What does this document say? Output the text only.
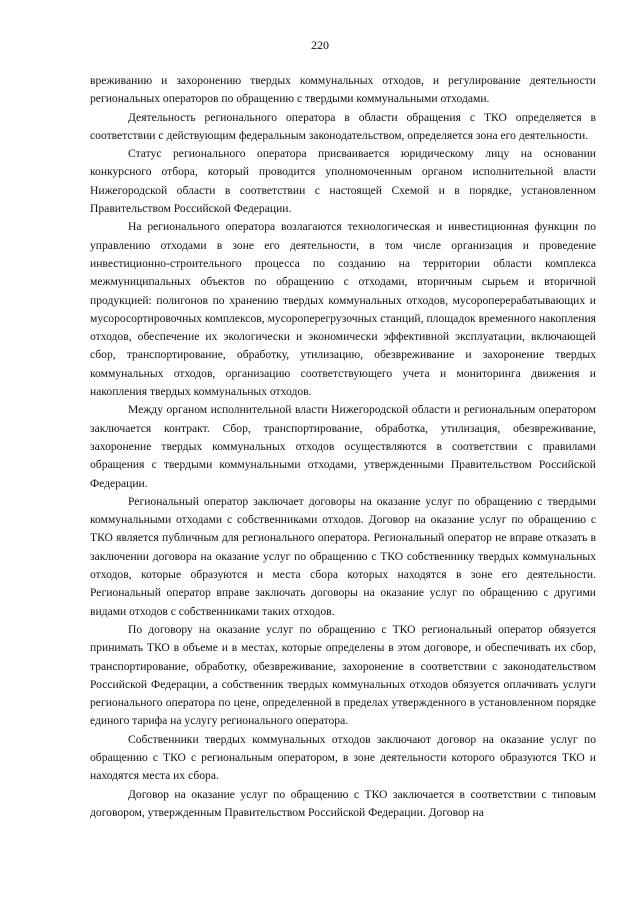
220

вреживанию и захоронению твердых коммунальных отходов, и регулирование деятельности региональных операторов по обращению с твердыми коммунальными отходами.

Деятельность регионального оператора в области обращения с ТКО определяется в соответствии с действующим федеральным законодательством, определяется зона его деятельности.

Статус регионального оператора присваивается юридическому лицу на основании конкурсного отбора, который проводится уполномоченным органом исполнительной власти Нижегородской области в соответствии с настоящей Схемой и в порядке, установленном Правительством Российской Федерации.

На регионального оператора возлагаются технологическая и инвестиционная функции по управлению отходами в зоне его деятельности, в том числе организация и проведение инвестиционно-строительного процесса по созданию на территории области комплекса межмуниципальных объектов по обращению с отходами, вторичным сырьем и вторичной продукцией: полигонов по хранению твердых коммунальных отходов, мусороперерабатывающих и мусоросортировочных комплексов, мусороперегрузочных станций, площадок временного накопления отходов, обеспечение их экологически и экономически эффективной эксплуатации, включающей сбор, транспортирование, обработку, утилизацию, обезвреживание и захоронение твердых коммунальных отходов, организацию соответствующего учета и мониторинга движения и накопления твердых коммунальных отходов.

Между органом исполнительной власти Нижегородской области и региональным оператором заключается контракт. Сбор, транспортирование, обработка, утилизация, обезвреживание, захоронение твердых коммунальных отходов осуществляются в соответствии с правилами обращения с твердыми коммунальными отходами, утвержденными Правительством Российской Федерации.

Региональный оператор заключает договоры на оказание услуг по обращению с твердыми коммунальными отходами с собственниками отходов. Договор на оказание услуг по обращению с ТКО является публичным для регионального оператора. Региональный оператор не вправе отказать в заключении договора на оказание услуг по обращению с ТКО собственнику твердых коммунальных отходов, которые образуются и места сбора которых находятся в зоне его деятельности. Региональный оператор вправе заключать договоры на оказание услуг по обращению с другими видами отходов с собственниками таких отходов.

По договору на оказание услуг по обращению с ТКО региональный оператор обязуется принимать ТКО в объеме и в местах, которые определены в этом договоре, и обеспечивать их сбор, транспортирование, обработку, обезвреживание, захоронение в соответствии с законодательством Российской Федерации, а собственник твердых коммунальных отходов обязуется оплачивать услуги регионального оператора по цене, определенной в пределах утвержденного в установленном порядке единого тарифа на услугу регионального оператора.

Собственники твердых коммунальных отходов заключают договор на оказание услуг по обращению с ТКО с региональным оператором, в зоне деятельности которого образуются ТКО и находятся места их сбора.

Договор на оказание услуг по обращению с ТКО заключается в соответствии с типовым договором, утвержденным Правительством Российской Федерации. Договор на
